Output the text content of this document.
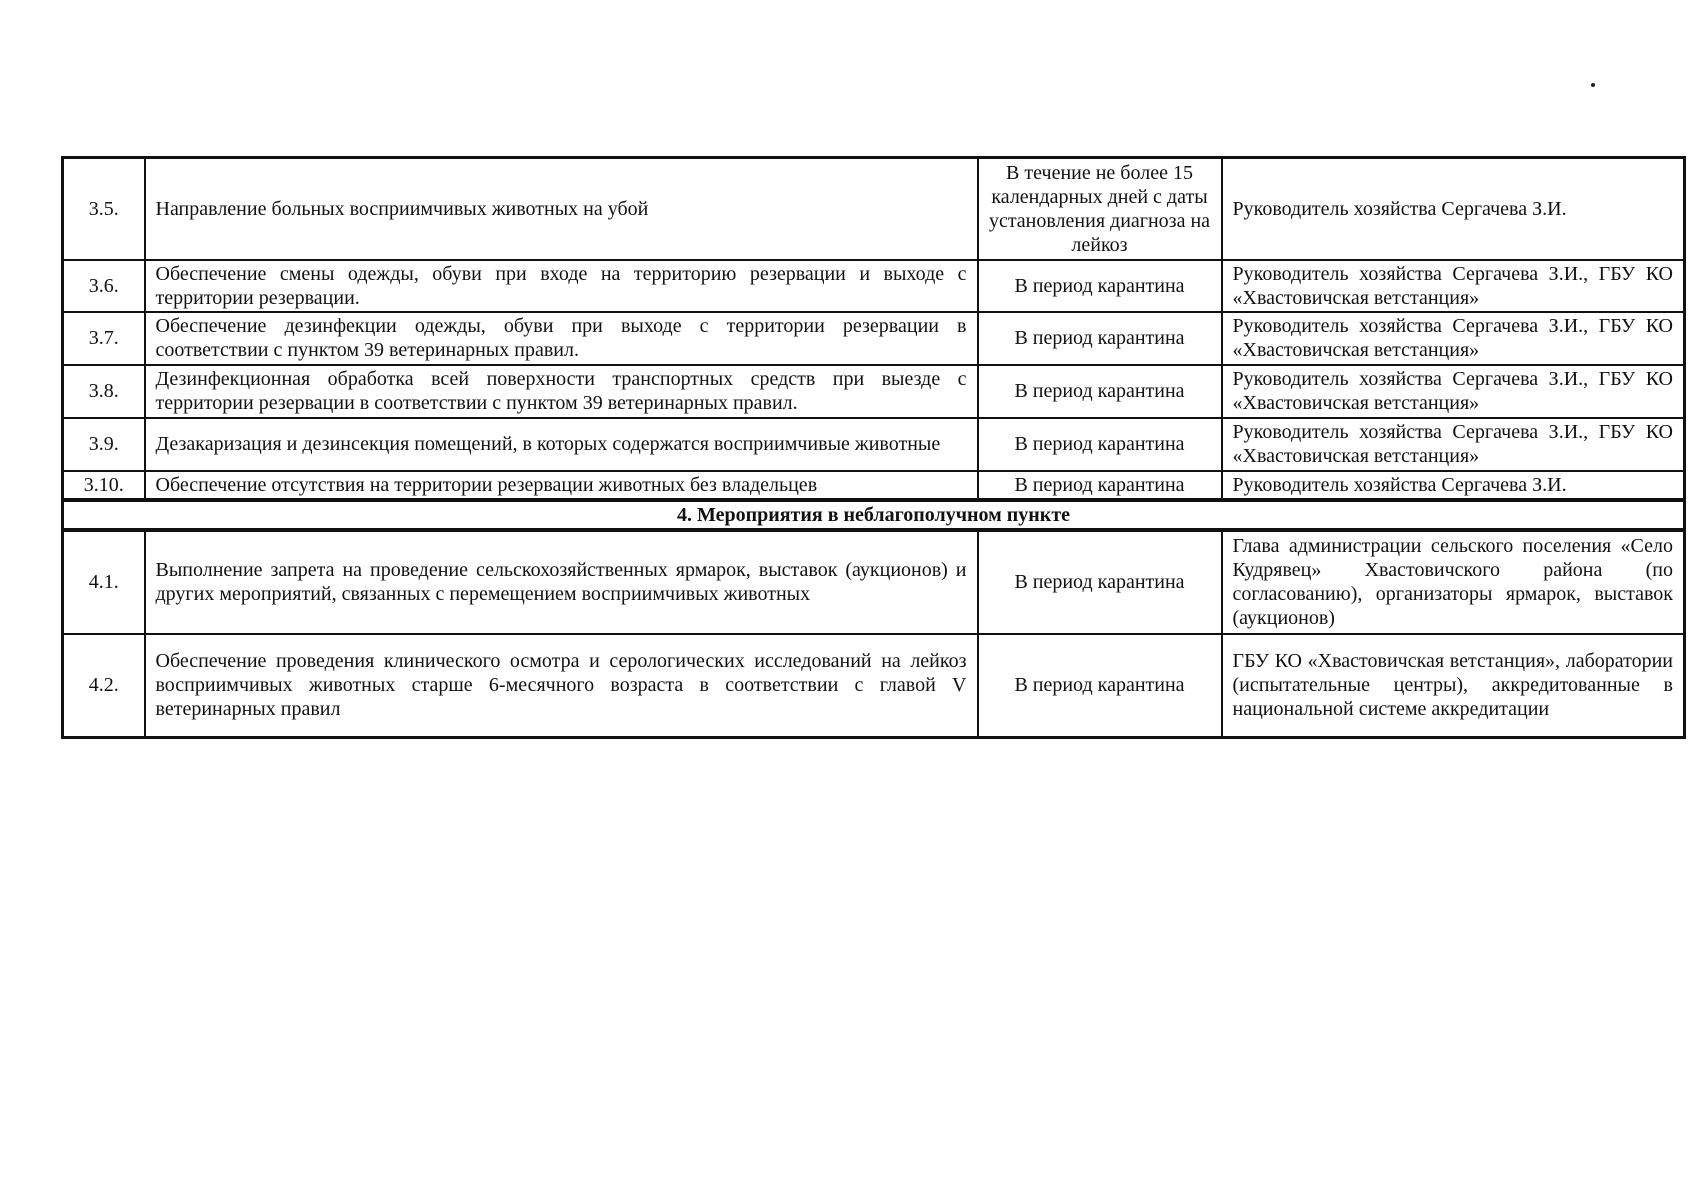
3.5.	Направление больных восприимчивых животных на убой	В течение не более 15 календарных дней с даты установления диагноза на лейкоз	Руководитель хозяйства Сергачева З.И.
3.6.	Обеспечение смены одежды, обуви при входе на территорию резервации и выходе с территории резервации.	В период карантина	Руководитель хозяйства Сергачева З.И., ГБУ КО «Хвастовичская ветстанция»
3.7.	Обеспечение дезинфекции одежды, обуви при выходе с территории резервации в соответствии с пунктом 39 ветеринарных правил.	В период карантина	Руководитель хозяйства Сергачева З.И., ГБУ КО «Хвастовичская ветстанция»
3.8.	Дезинфекционная обработка всей поверхности транспортных средств при выезде с территории резервации в соответствии с пунктом 39 ветеринарных правил.	В период карантина	Руководитель хозяйства Сергачева З.И., ГБУ КО «Хвастовичская ветстанция»
3.9.	Дезакаризация и дезинсекция помещений, в которых содержатся восприимчивые животные	В период карантина	Руководитель хозяйства Сергачева З.И., ГБУ КО «Хвастовичская ветстанция»
3.10.	Обеспечение отсутствия на территории резервации животных без владельцев	В период карантина	Руководитель хозяйства Сергачева З.И.
4. Мероприятия в неблагополучном пункте			
4.1.	Выполнение запрета на проведение сельскохозяйственных ярмарок, выставок (аукционов) и других мероприятий, связанных с перемещением восприимчивых животных	В период карантина	Глава администрации сельского поселения «Село Кудрявец» Хвастовичского района (по согласованию), организаторы ярмарок, выставок (аукционов)
4.2.	Обеспечение проведения клинического осмотра и серологических исследований на лейкоз восприимчивых животных старше 6-месячного возраста в соответствии с главой V ветеринарных правил	В период карантина	ГБУ КО «Хвастовичская ветстанция», лаборатории (испытательные центры), аккредитованные в национальной системе аккредитации
